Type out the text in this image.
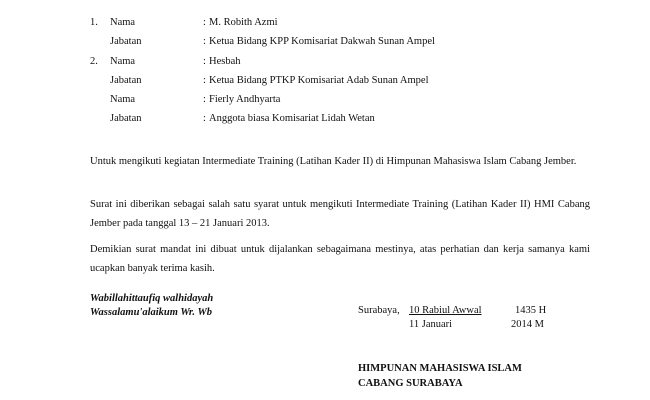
1.	Nama	: M. Robith Azmi
Jabatan	: Ketua Bidang KPP Komisariat Dakwah Sunan Ampel
2.	Nama	: Hesbah
Jabatan	: Ketua Bidang PTKP Komisariat Adab Sunan Ampel
Nama	: Fierly Andhyarta
Jabatan	: Anggota biasa Komisariat Lidah Wetan
Untuk mengikuti kegiatan Intermediate Training (Latihan Kader II) di Himpunan Mahasiswa Islam Cabang Jember.
Surat ini diberikan sebagai salah satu syarat untuk mengikuti Intermediate Training (Latihan Kader II) HMI Cabang Jember pada tanggal 13 – 21 Januari 2013.
Demikian surat mandat ini dibuat untuk dijalankan sebagaimana mestinya, atas perhatian dan kerja samanya kami ucapkan banyak terima kasih.
Wabillahittaufiq walhidayah
Wassalamu'alaikum Wr. Wb	Surabaya, 10 Rabiul Awwal	1435 H
11 Januari	2014 M
HIMPUNAN MAHASISWA ISLAM
CABANG SURABAYA
